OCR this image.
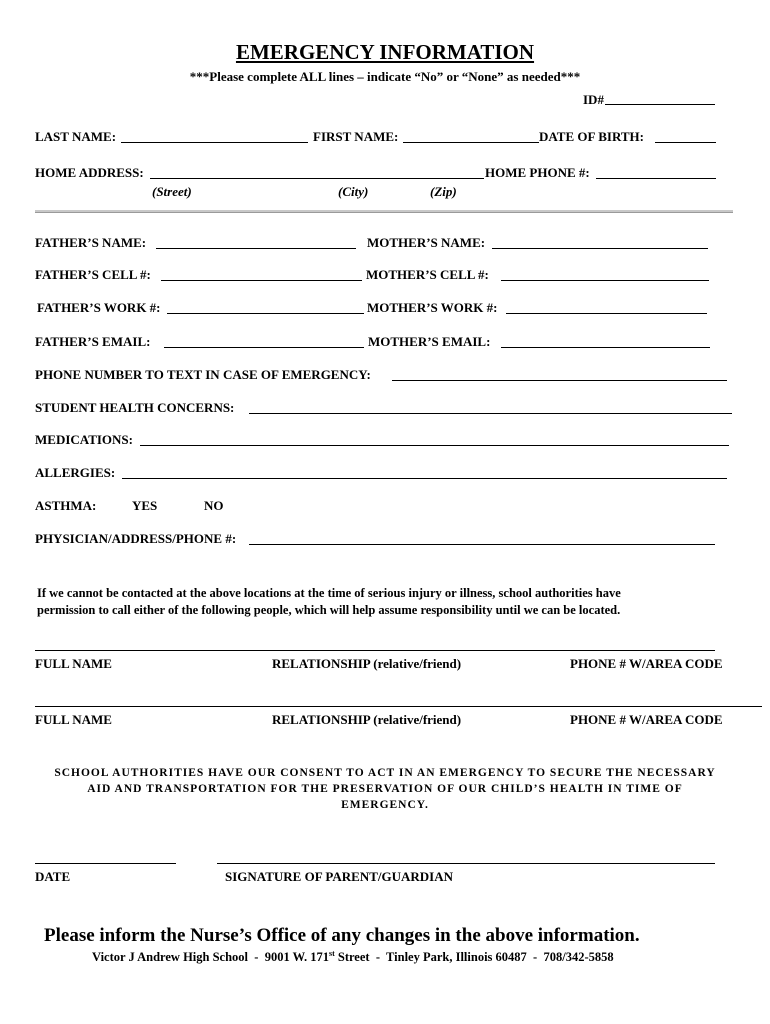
EMERGENCY INFORMATION
***Please complete ALL lines – indicate “No” or “None” as needed***
ID#
LAST NAME:	FIRST NAME:	DATE OF BIRTH:
HOME ADDRESS:	HOME PHONE #:
(Street)	(City)	(Zip)
FATHER’S NAME:	MOTHER’S NAME:
FATHER’S CELL #:	MOTHER’S CELL #:
FATHER’S WORK #:	MOTHER’S WORK #:
FATHER’S EMAIL:	MOTHER’S EMAIL:
PHONE NUMBER TO TEXT IN CASE OF EMERGENCY:
STUDENT HEALTH CONCERNS:
MEDICATIONS:
ALLERGIES:
ASTHMA:	YES	NO
PHYSICIAN/ADDRESS/PHONE #:
If we cannot be contacted at the above locations at the time of serious injury or illness, school authorities have
permission to call either of the following people, which will help assume responsibility until we can be located.
FULL NAME	RELATIONSHIP (relative/friend)	PHONE # W/AREA CODE
FULL NAME	RELATIONSHIP (relative/friend)	PHONE # W/AREA CODE
SCHOOL AUTHORITIES HAVE OUR CONSENT TO ACT IN AN EMERGENCY TO SECURE THE NECESSARY
AID AND TRANSPORTATION FOR THE PRESERVATION OF OUR CHILD’S HEALTH IN TIME OF
EMERGENCY.
DATE	SIGNATURE OF PARENT/GUARDIAN
Please inform the Nurse’s Office of any changes in the above information.
Victor J Andrew High School - 9001 W. 171st Street - Tinley Park, Illinois 60487 - 708/342-5858
